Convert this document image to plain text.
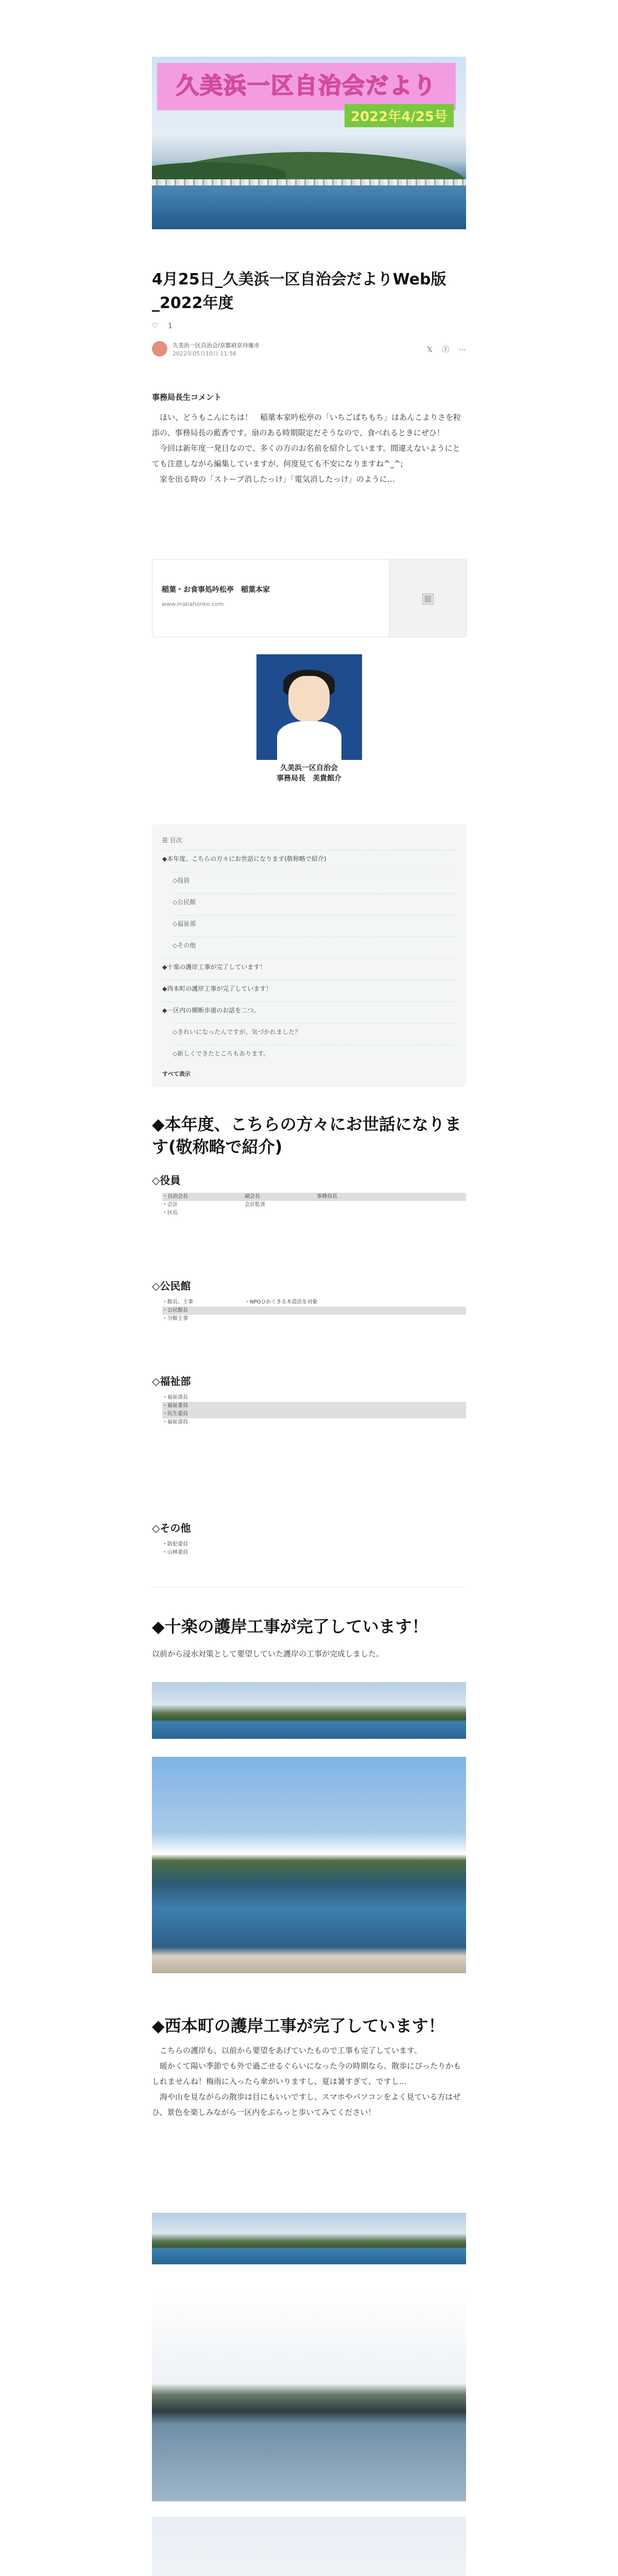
久美浜一区自治会だより
2022年4/25号
4月25日_久美浜一区自治会だよりWeb版_2022年度
♡ 1
久美浜一区自治会/京都府京丹後市
2022年05月10日 11:56	𝕏 ⓕ ⋯
事務局長生コメント
ほい、どうもこんにちは！　稲葉本家吟松亭の「いちごぱちもち」はあんこよりさを粒添の、事務局長の藍香です。扇のある時期限定だそうなので、食べれるときにぜひ！
今回は新年度一発目なので、多くの方のお名前を紹介しています。間違えないようにとても注意しながら編集していますが、何度見ても不安になりますね^_^;
家を出る時の「ストーブ消したっけ」「電気消したっけ」のように…
稲葉・お食事処吟松亭　稲葉本家
www.inabahonke.com	▣
久美浜一区自治会
事務局長　美貴館介
☰ 目次
◆本年度、こちらの方々にお世話になります(敬称略で紹介)
◇役員
◇公民館
◇福祉部
◇その他
◆十楽の護岸工事が完了しています！
◆西本町の護岸工事が完了しています！
◆一区内の横断歩道のお話を二つ。
◇きれいになったんですが、気づかれました？
◇新しくできたところもあります。
すべて表示
◆本年度、こちらの方々にお世話になります(敬称略で紹介)
◇役員
・自治会長　　　　　　　　　　　副会長　　　　　　　　　　　事務局長
・会計　　　　　　　　　　　　　会計監査
・区長
◇公民館
・館長、主事　　　　　　　　　　・NPOひかくきる木造活を対象
・公民館長
・分館主事
◇福祉部
・福祉部長
・福祉委員
・民生委員
・福祉部員
◇その他
・防犯委員
・山林委員
◆十楽の護岸工事が完了しています！
以前から浸水対策として要望していた護岸の工事が完成しました。
◆西本町の護岸工事が完了しています！
こちらの護岸も、以前から要望をあげていたもので工事も完了しています。
暖かくて陽い季節でも外で過ごせるぐらいになった今の時期なら、散歩にぴったりかもしれませんね！梅雨に入ったら傘がいりますし、夏は暑すぎて、ですし…
海や山を見ながらの散歩は目にもいいですし、スマホやパソコンをよく見ている方はぜひ、景色を楽しみながら一区内をぶらっと歩いてみてください！
